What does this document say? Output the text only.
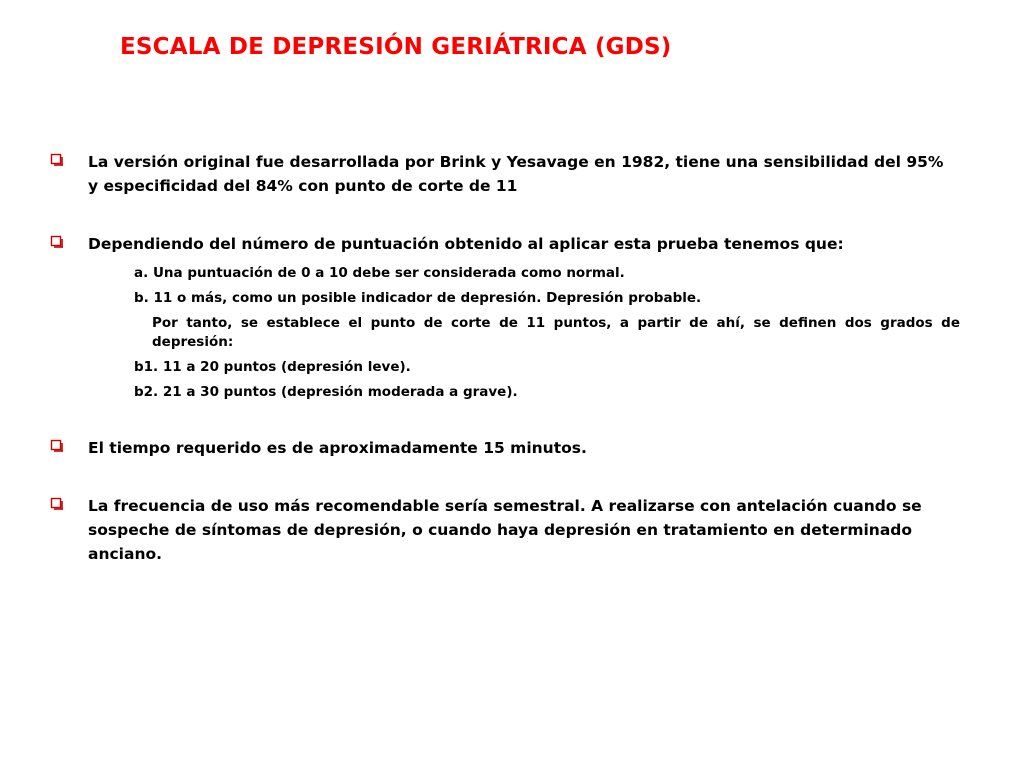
ESCALA DE DEPRESIÓN GERIÁTRICA (GDS)
La versión original fue desarrollada por Brink y Yesavage en 1982, tiene una sensibilidad del 95% y especificidad del 84% con punto de corte de 11
Dependiendo del número de puntuación obtenido al aplicar esta prueba tenemos que:
a. Una puntuación de 0 a 10 debe ser considerada como normal.
b. 11 o más, como un posible indicador de depresión. Depresión probable.
Por tanto, se establece el punto de corte de 11 puntos, a partir de ahí, se definen dos grados de depresión:
b1. 11 a 20 puntos (depresión leve).
b2. 21 a 30 puntos (depresión moderada a grave).
El tiempo requerido es de aproximadamente 15 minutos.
La frecuencia de uso más recomendable sería semestral. A realizarse con antelación cuando se sospeche de síntomas de depresión, o cuando haya depresión en tratamiento en determinado anciano.
